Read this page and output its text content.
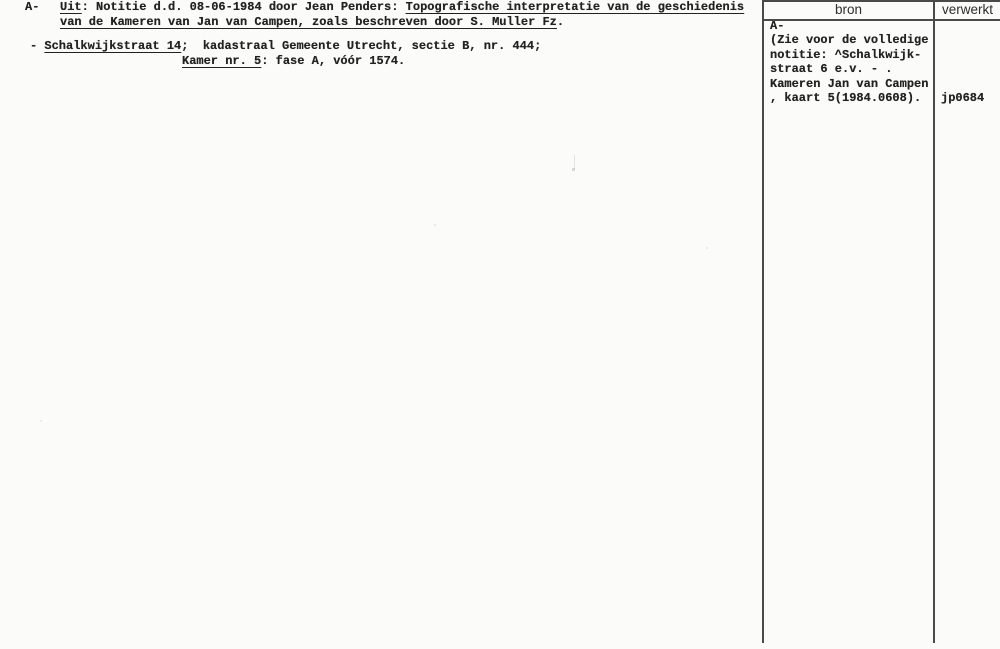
A- Uit: Notitie d.d. 08-06-1984 door Jean Penders: Topografische interpretatie van de geschiedenis
van de Kameren van Jan van Campen, zoals beschreven door S. Muller Fz.
- Schalkwijkstraat 14;  kadastraal Gemeente Utrecht, sectie B, nr. 444;
Kamer nr. 5: fase A, vóór 1574.
bron	verwerkt
A-
(Zie voor de volledige
notitie: ^Schalkwijk-
straat 6 e.v. - .
Kameren Jan van Campen
, kaart 5(1984.0608).	jp0684
